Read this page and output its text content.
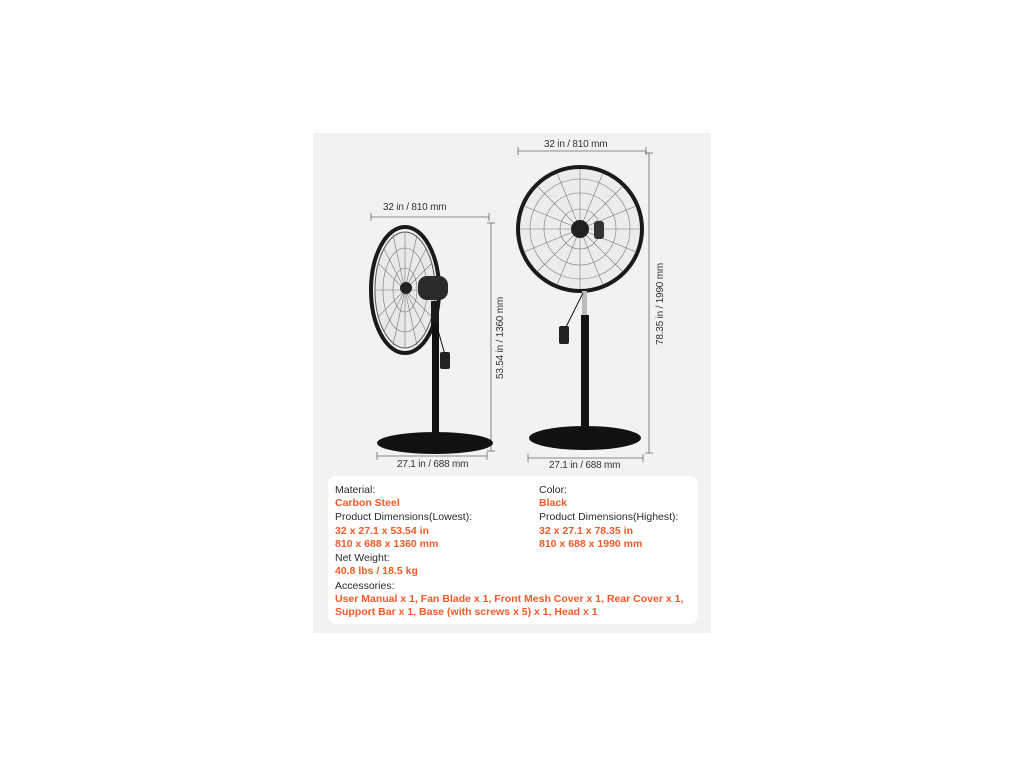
32 in / 810 mm
53.54 in / 1360 mm
27.1 in / 688 mm
32 in / 810 mm
78.35 in / 1990 mm
27.1 in / 688 mm
Material:
Carbon Steel
Product Dimensions(Lowest):
32 x 27.1 x 53.54 in
810 x 688 x 1360 mm
Net Weight:
40.8 lbs / 18.5 kg
Accessories:
User Manual x 1, Fan Blade x 1, Front Mesh Cover x 1, Rear Cover x 1,
Support Bar x 1, Base (with screws x 5) x 1, Head x 1
Color:
Black
Product Dimensions(Highest):
32 x 27.1 x 78.35 in
810 x 688 x 1990 mm
